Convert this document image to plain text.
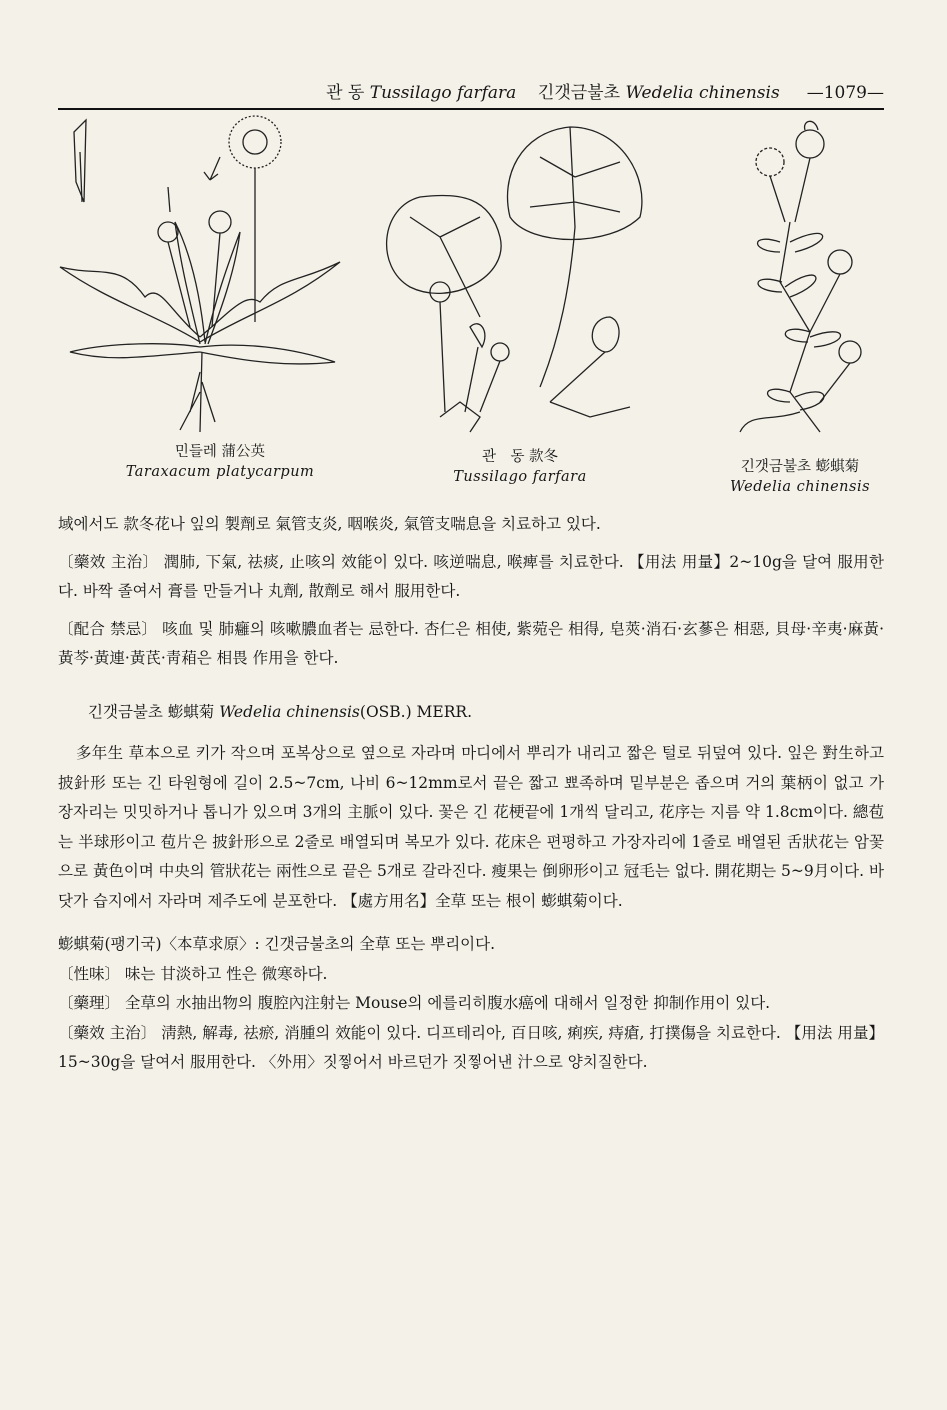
관 동 Tussilago farfara 긴갯금불초 Wedelia chinensis —1079—
민들레 蒲公英
Taraxacum platycarpum
관　동 款冬
Tussilago farfara
긴갯금불초 蟛蜞菊
Wedelia chinensis

域에서도 款冬花나 잎의 製劑로 氣管支炎, 咽喉炎, 氣管支喘息을 치료하고 있다.

〔藥效 主治〕 潤肺, 下氣, 祛痰, 止咳의 效能이 있다. 咳逆喘息, 喉痺를 치료한다. 【用法 用量】2~10g을 달여 服用한다. 바짝 졸여서 膏를 만들거나 丸劑, 散劑로 해서 服用한다.

〔配合 禁忌〕 咳血 및 肺癰의 咳嗽膿血者는 忌한다. 杏仁은 相使, 紫菀은 相得, 皂莢·消石·玄蔘은 相惡, 貝母·辛夷·麻黃·黃芩·黃連·黃芪·靑葙은 相畏 作用을 한다.

긴갯금불초 蟛蜞菊 Wedelia chinensis(OSB.) MERR.

多年生 草本으로 키가 작으며 포복상으로 옆으로 자라며 마디에서 뿌리가 내리고 짧은 털로 뒤덮여 있다. 잎은 對生하고 披針形 또는 긴 타원형에 길이 2.5~7cm, 나비 6~12mm로서 끝은 짧고 뾰족하며 밑부분은 좁으며 거의 葉柄이 없고 가장자리는 밋밋하거나 톱니가 있으며 3개의 主脈이 있다. 꽃은 긴 花梗끝에 1개씩 달리고, 花序는 지름 약 1.8cm이다. 總苞는 半球形이고 苞片은 披針形으로 2줄로 배열되며 복모가 있다. 花床은 편평하고 가장자리에 1줄로 배열된 舌狀花는 암꽃으로 黃色이며 中央의 管狀花는 兩性으로 끝은 5개로 갈라진다. 瘦果는 倒卵形이고 冠毛는 없다. 開花期는 5~9月이다. 바닷가 습지에서 자라며 제주도에 분포한다. 【處方用名】全草 또는 根이 蟛蜞菊이다.

蟛蜞菊(팽기국)〈本草求原〉: 긴갯금불초의 全草 또는 뿌리이다.

〔性味〕 味는 甘淡하고 性은 微寒하다.

〔藥理〕 全草의 水抽出物의 腹腔內注射는 Mouse의 에를리히腹水癌에 대해서 일정한 抑制作用이 있다.

〔藥效 主治〕 淸熱, 解毒, 祛瘀, 消腫의 效能이 있다. 디프테리아, 百日咳, 痢疾, 痔瘡, 打撲傷을 치료한다. 【用法 用量】15~30g을 달여서 服用한다. 〈外用〉짓찧어서 바르던가 짓찧어낸 汁으로 양치질한다.
